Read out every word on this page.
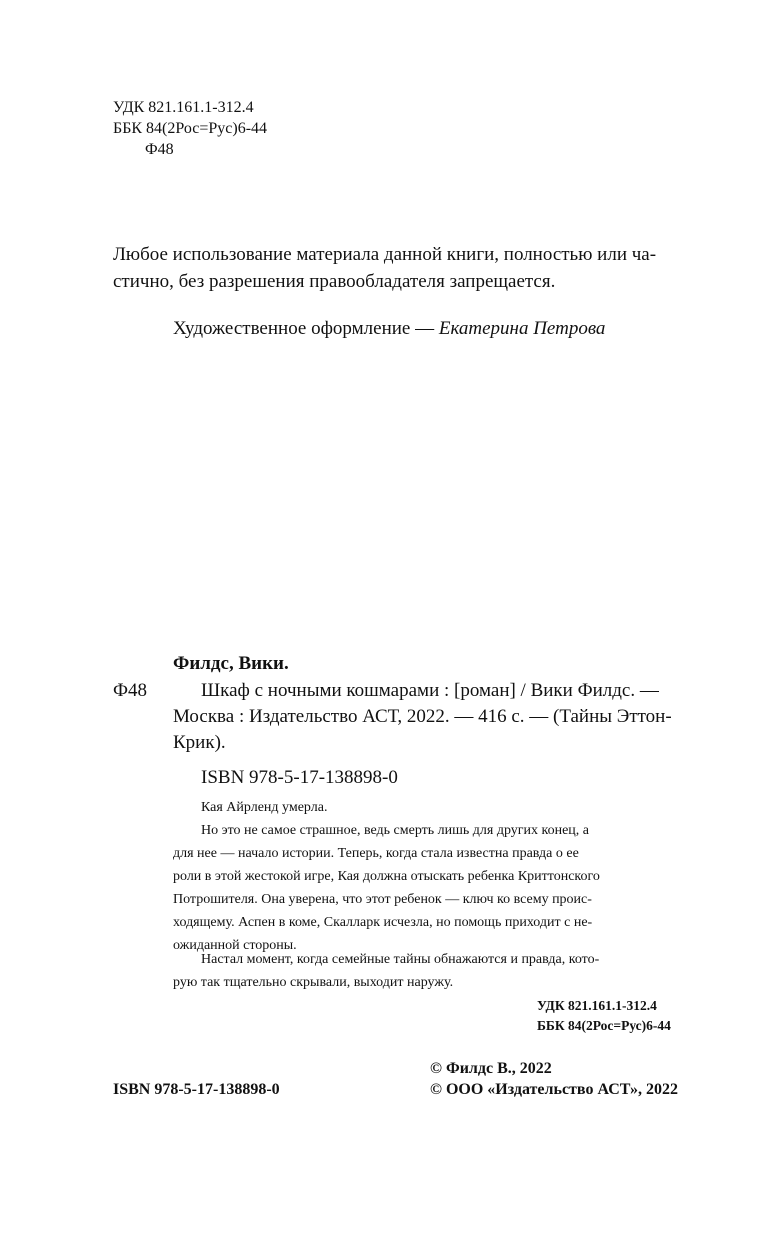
УДК 821.161.1-312.4

ББК 84(2Рос=Рус)6-44

Ф48

Любое использование материала данной книги, полностью или ча-

стично, без разрешения правообладателя запрещается.

Художественное оформление — Екатерина Петрова

Филдс, Вики.

Ф48	Шкаф с ночными кошмарами : [роман] / Вики Филдс. —

Москва : Издательство АСТ, 2022. — 416 с. — (Тайны Эттон-

Крик).

ISBN 978-5-17-138898-0

Кая Айрленд умерла.

Но это не самое страшное, ведь смерть лишь для других конец, а

для нее — начало истории. Теперь, когда стала известна правда о ее

роли в этой жестокой игре, Кая должна отыскать ребенка Криттонского

Потрошителя. Она уверена, что этот ребенок — ключ ко всему проис-

ходящему. Аспен в коме, Скалларк исчезла, но помощь приходит с не-

ожиданной стороны.

Настал момент, когда семейные тайны обнажаются и правда, кото-

рую так тщательно скрывали, выходит наружу.

УДК 821.161.1-312.4

ББК 84(2Рос=Рус)6-44

ISBN 978-5-17-138898-0

© Филдс В., 2022

© ООО «Издательство АСТ», 2022
